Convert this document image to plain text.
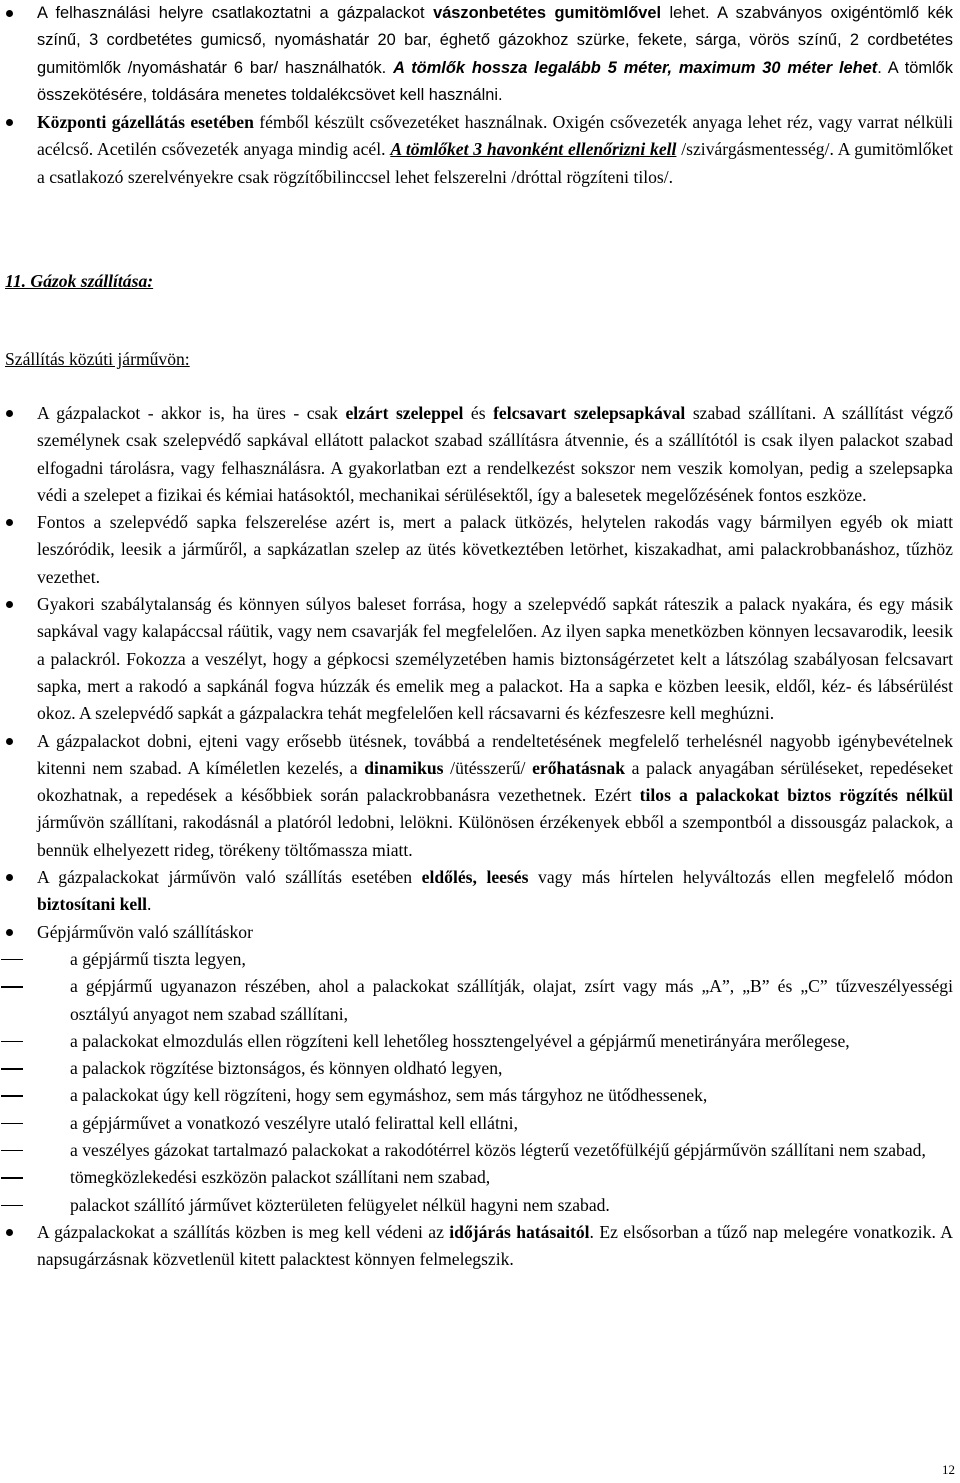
A felhasználási helyre csatlakoztatni a gázpalackot vászonbetétes gumitömlővel lehet. A szabványos oxigéntömlő kék színű, 3 cordbetétes gumicső, nyomáshatár 20 bar, éghető gázokhoz szürke, fekete, sárga, vörös színű, 2 cordbetétes gumitömlők /nyomáshatár 6 bar/ használhatók. A tömlők hossza legalább 5 méter, maximum 30 méter lehet. A tömlők összekötésére, toldására menetes toldalékcsövet kell használni.
Központi gázellátás esetében fémből készült csővezetéket használnak. Oxigén csővezeték anyaga lehet réz, vagy varrat nélküli acélcső. Acetilén csővezeték anyaga mindig acél. A tömlőket 3 havonként ellenőrizni kell /szivárgásmentesség/. A gumitömlőket a csatlakozó szerelvényekre csak rögzítőbilinccsel lehet felszerelni /dróttal rögzíteni tilos/.
11. Gázok szállítása:
Szállítás közúti járművön:
A gázpalackot - akkor is, ha üres - csak elzárt szeleppel és felcsavart szelepsapkával szabad szállítani. A szállítást végző személynek csak szelepvédő sapkával ellátott palackot szabad szállításra átvennie, és a szállítótól is csak ilyen palackot szabad elfogadni tárolásra, vagy felhasználásra. A gyakorlatban ezt a rendelkezést sokszor nem veszik komolyan, pedig a szelepsapka védi a szelepet a fizikai és kémiai hatásoktól, mechanikai sérülésektől, így a balesetek megelőzésének fontos eszköze.
Fontos a szelepvédő sapka felszerelése azért is, mert a palack ütközés, helytelen rakodás vagy bármilyen egyéb ok miatt leszóródik, leesik a járműről, a sapkázatlan szelep az ütés következtében letörhet, kiszakadhat, ami palackrobbanáshoz, tűzhöz vezethet.
Gyakori szabálytalanság és könnyen súlyos baleset forrása, hogy a szelepvédő sapkát ráteszik a palack nyakára, és egy másik sapkával vagy kalapáccsal ráütik, vagy nem csavarják fel megfelelően. Az ilyen sapka menetközben könnyen lecsavarodik, leesik a palackról. Fokozza a veszélyt, hogy a gépkocsi személyzetében hamis biztonságérzetet kelt a látszólag szabályosan felcsavart sapka, mert a rakodó a sapkánál fogva húzzák és emelik meg a palackot. Ha a sapka e közben leesik, eldől, kéz- és lábsérülést okoz. A szelepvédő sapkát a gázpalackra tehát megfelelően kell rácsavarni és kézfeszesre kell meghúzni.
A gázpalackot dobni, ejteni vagy erősebb ütésnek, továbbá a rendeltetésének megfelelő terhelésnél nagyobb igénybevételnek kitenni nem szabad. A kíméletlen kezelés, a dinamikus /ütésszerű/ erőhatásnak a palack anyagában sérüléseket, repedéseket okozhatnak, a repedések a későbbiek során palackrobbanásra vezethetnek. Ezért tilos a palackokat biztos rögzítés nélkül járművön szállítani, rakodásnál a platóról ledobni, lelökni. Különösen érzékenyek ebből a szempontból a dissousgáz palackok, a bennük elhelyezett rideg, törékeny töltőmassza miatt.
A gázpalackokat járművön való szállítás esetében eldőlés, leesés vagy más hírtelen helyváltozás ellen megfelelő módon biztosítani kell.
Gépjárművön való szállításkor
a gépjármű tiszta legyen,
a gépjármű ugyanazon részében, ahol a palackokat szállítják, olajat, zsírt vagy más „A”, „B” és „C” tűzveszélyességi osztályú anyagot nem szabad szállítani,
a palackokat elmozdulás ellen rögzíteni kell lehetőleg hossztengelyével a gépjármű menetirányára merőlegese,
a palackok rögzítése biztonságos, és könnyen oldható legyen,
a palackokat úgy kell rögzíteni, hogy sem egymáshoz, sem más tárgyhoz ne ütődhessenek,
a gépjárművet a vonatkozó veszélyre utaló felirattal kell ellátni,
a veszélyes gázokat tartalmazó palackokat a rakodótérrel közös légterű vezetőfülkéjű gépjárművön szállítani nem szabad,
tömegközlekedési eszközön palackot szállítani nem szabad,
palackot szállító járművet közterületen felügyelet nélkül hagyni nem szabad.
A gázpalackokat a szállítás közben is meg kell védeni az időjárás hatásaitól. Ez elsősorban a tűző nap melegére vonatkozik. A napsugárzásnak közvetlenül kitett palacktest könnyen felmelegszik.
12
